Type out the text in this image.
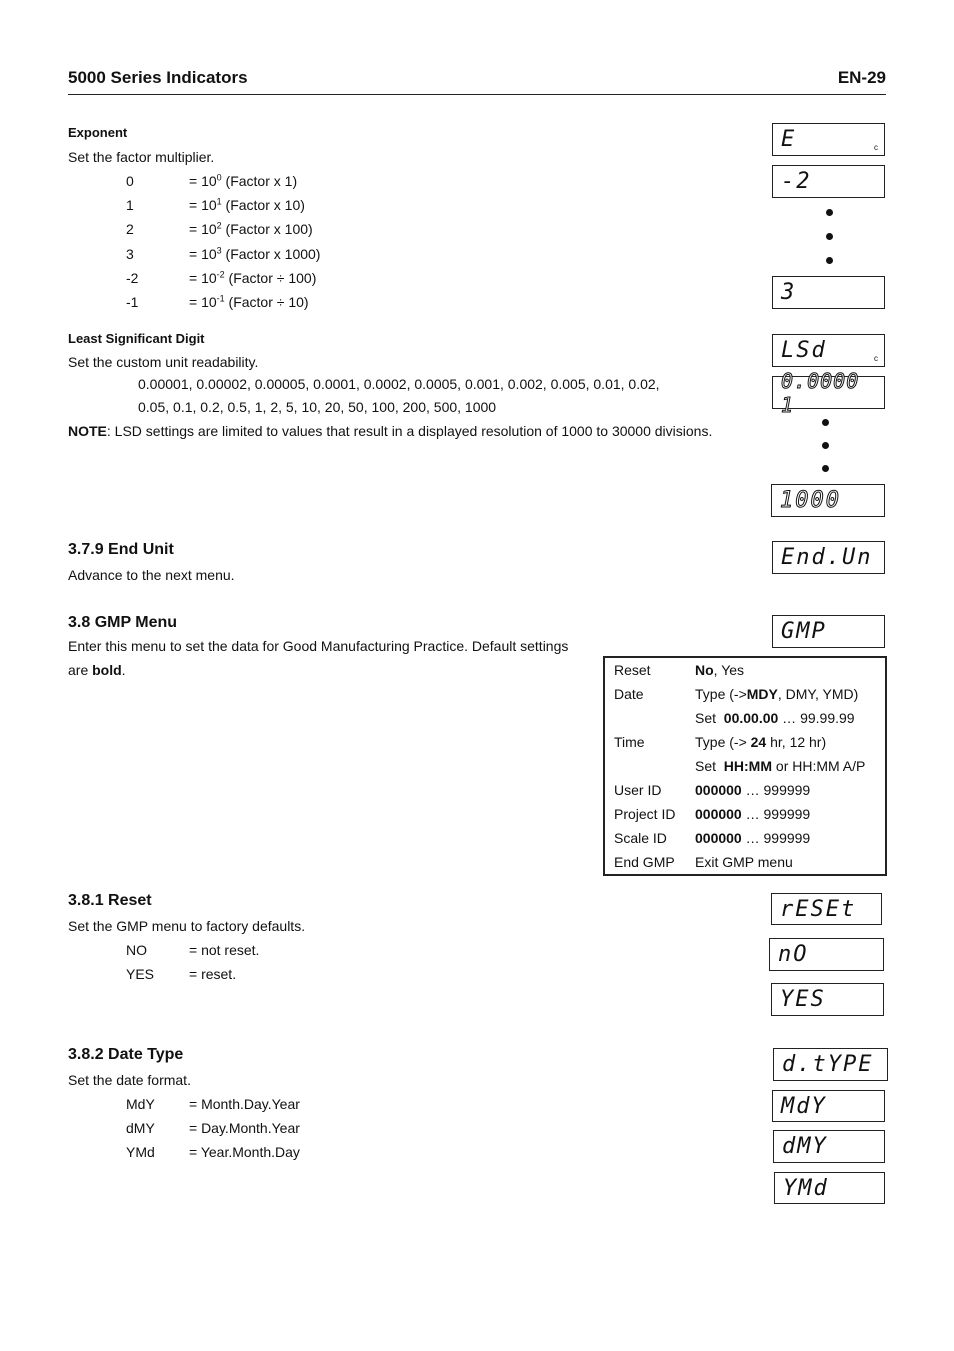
5000 Series Indicators	EN-29
Exponent
Set the factor multiplier.
0	= $10^0$ (Factor x 1)
1	= $10^1$ (Factor x 10)
2	= $10^2$ (Factor x 100)
3	= $10^3$ (Factor x 1000)
-2	= $10^{-2}$ (Factor ÷ 100)
-1	= $10^{-1}$ (Factor ÷ 10)
Least Significant Digit
Set the custom unit readability.
0.00001, 0.00002, 0.00005, 0.0001, 0.0002, 0.0005, 0.001, 0.002, 0.005, 0.01, 0.02,
0.05, 0.1, 0.2, 0.5, 1, 2, 5, 10, 20, 50, 100, 200, 500, 1000
NOTE: LSD settings are limited to values that result in a displayed resolution of 1000 to 30000 divisions.
3.7.9 End Unit
Advance to the next menu.
3.8 GMP Menu
Enter this menu to set the data for Good Manufacturing Practice. Default settings
are bold.	Reset	No, Yes
Date	Type (->MDY, DMY, YMD)
	Set  00.00.00 … 99.99.99
Time	Type (-> 24 hr, 12 hr)
	Set  HH:MM or HH:MM A/P
User ID	000000 … 999999
Project ID	000000 … 999999
Scale ID	000000 … 999999
End GMP	Exit GMP menu
3.8.1 Reset
Set the GMP menu to factory defaults.
NO	= not reset.
YES = reset.
3.8.2 Date Type
Set the date format.
MdY = Month.Day.Year
dMY = Day.Month.Year
YMd = Year.Month.Day
E	c
-2
3
LSd	c
0.0000 1
1000
End.Un
GMP
rESEt
nO
YES
d.tYPE
MdY
dMY
YMd
